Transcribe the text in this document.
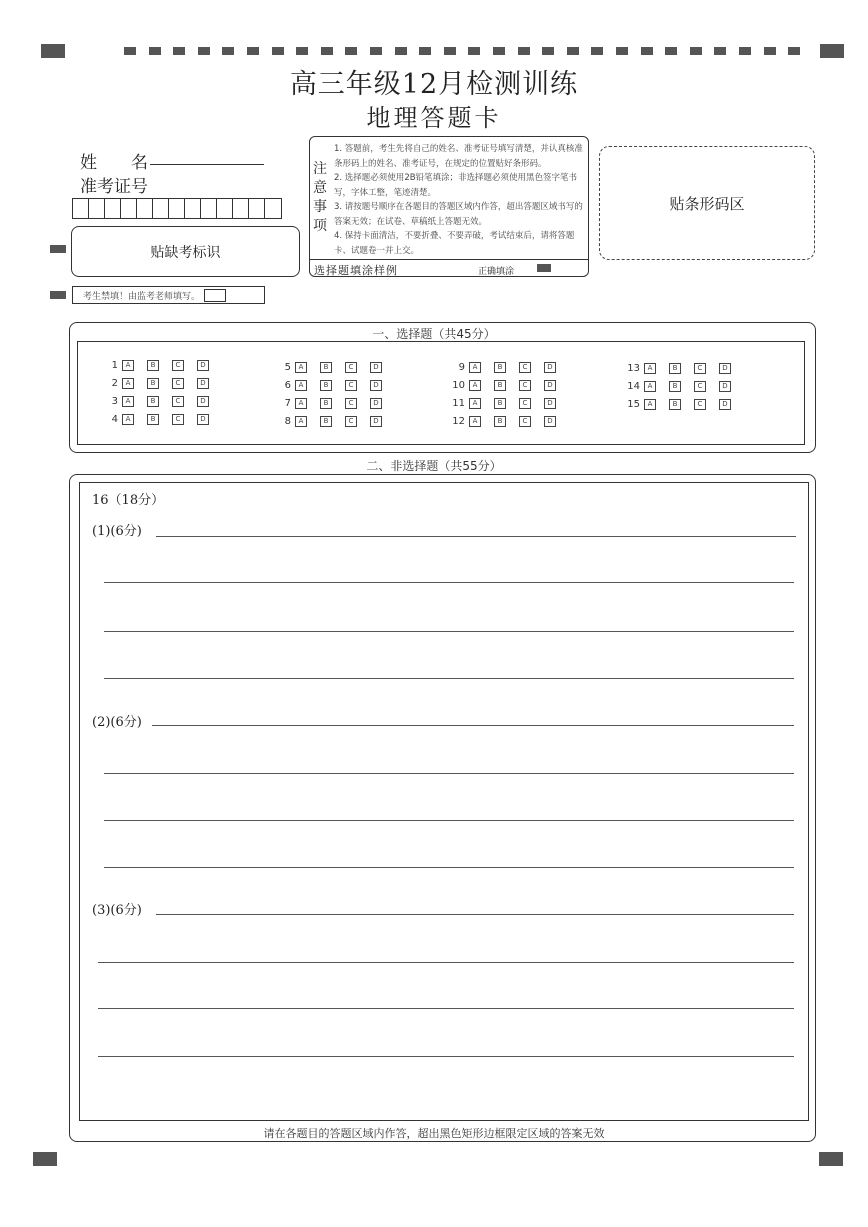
高三年级12月检测训练
地理答题卡
姓　　名
准考证号
贴缺考标识
考生禁填！由监考老师填写。
注
意
事
项
1. 答题前，考生先将自己的姓名、准考证号填写清楚，并认真核准条形码上的姓名、准考证号，在规定的位置贴好条形码。
2. 选择题必须使用2B铅笔填涂；非选择题必须使用黑色签字笔书写，字体工整，笔迹清楚。
3. 请按题号顺序在各题目的答题区域内作答，超出答题区域书写的答案无效；在试卷、草稿纸上答题无效。
4. 保持卡面清洁，不要折叠、不要弄破，考试结束后，请将答题卡、试题卷一并上交。
选择题填涂样例	正确填涂
贴条形码区
一、选择题（共45分）
1	A	B	C	D
2	A	B	C	D
3	A	B	C	D
4	A	B	C	D
5	A	B	C	D
6	A	B	C	D
7	A	B	C	D
8	A	B	C	D
9	A	B	C	D
10	A	B	C	D
11	A	B	C	D
12	A	B	C	D
13	A	B	C	D
14	A	B	C	D
15	A	B	C	D
二、非选择题（共55分）
16（18分）
(1)(6分)
(2)(6分)
(3)(6分)
请在各题目的答题区域内作答，超出黑色矩形边框限定区域的答案无效
